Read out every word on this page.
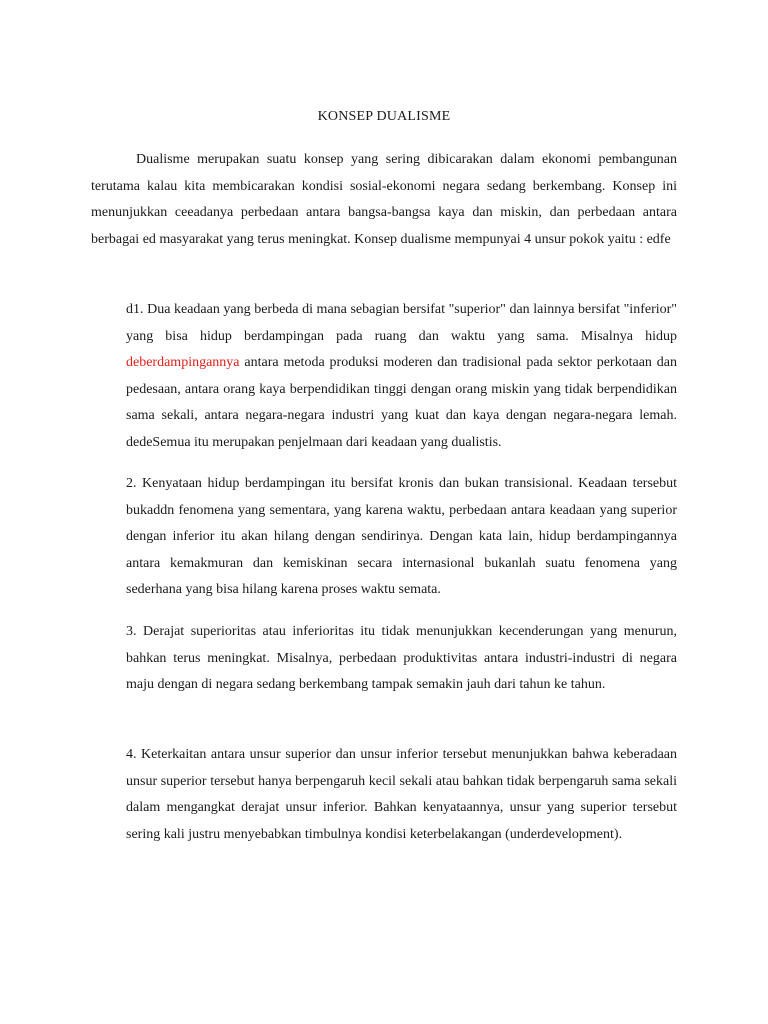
KONSEP DUALISME

Dualisme merupakan suatu konsep yang sering dibicarakan dalam ekonomi pembangunan terutama kalau kita membicarakan kondisi sosial-ekonomi negara sedang berkembang. Konsep ini menunjukkan ceeadanya perbedaan antara bangsa-bangsa kaya dan miskin, dan perbedaan antara berbagai ed masyarakat yang terus meningkat. Konsep dualisme mempunyai 4 unsur pokok yaitu : edfe

d1. Dua keadaan yang berbeda di mana sebagian bersifat "superior" dan lainnya bersifat "inferior" yang bisa hidup berdampingan pada ruang dan waktu yang sama. Misalnya hidup deberdampingannya antara metoda produksi moderen dan tradisional pada sektor perkotaan dan pedesaan, antara orang kaya berpendidikan tinggi dengan orang miskin yang tidak berpendidikan sama sekali, antara negara-negara industri yang kuat dan kaya dengan negara-negara lemah. dedeSemua itu merupakan penjelmaan dari keadaan yang dualistis.

2. Kenyataan hidup berdampingan itu bersifat kronis dan bukan transisional. Keadaan tersebut bukaddn fenomena yang sementara, yang karena waktu, perbedaan antara keadaan yang superior dengan inferior itu akan hilang dengan sendirinya. Dengan kata lain, hidup berdampingannya antara kemakmuran dan kemiskinan secara internasional bukanlah suatu fenomena yang sederhana yang bisa hilang karena proses waktu semata.

3. Derajat superioritas atau inferioritas itu tidak menunjukkan kecenderungan yang menurun, bahkan terus meningkat. Misalnya, perbedaan produktivitas antara industri-industri di negara maju dengan di negara sedang berkembang tampak semakin jauh dari tahun ke tahun.

4. Keterkaitan antara unsur superior dan unsur inferior tersebut menunjukkan bahwa keberadaan unsur superior tersebut hanya berpengaruh kecil sekali atau bahkan tidak berpengaruh sama sekali dalam mengangkat derajat unsur inferior. Bahkan kenyataannya, unsur yang superior tersebut sering kali justru menyebabkan timbulnya kondisi keterbelakangan (underdevelopment).
